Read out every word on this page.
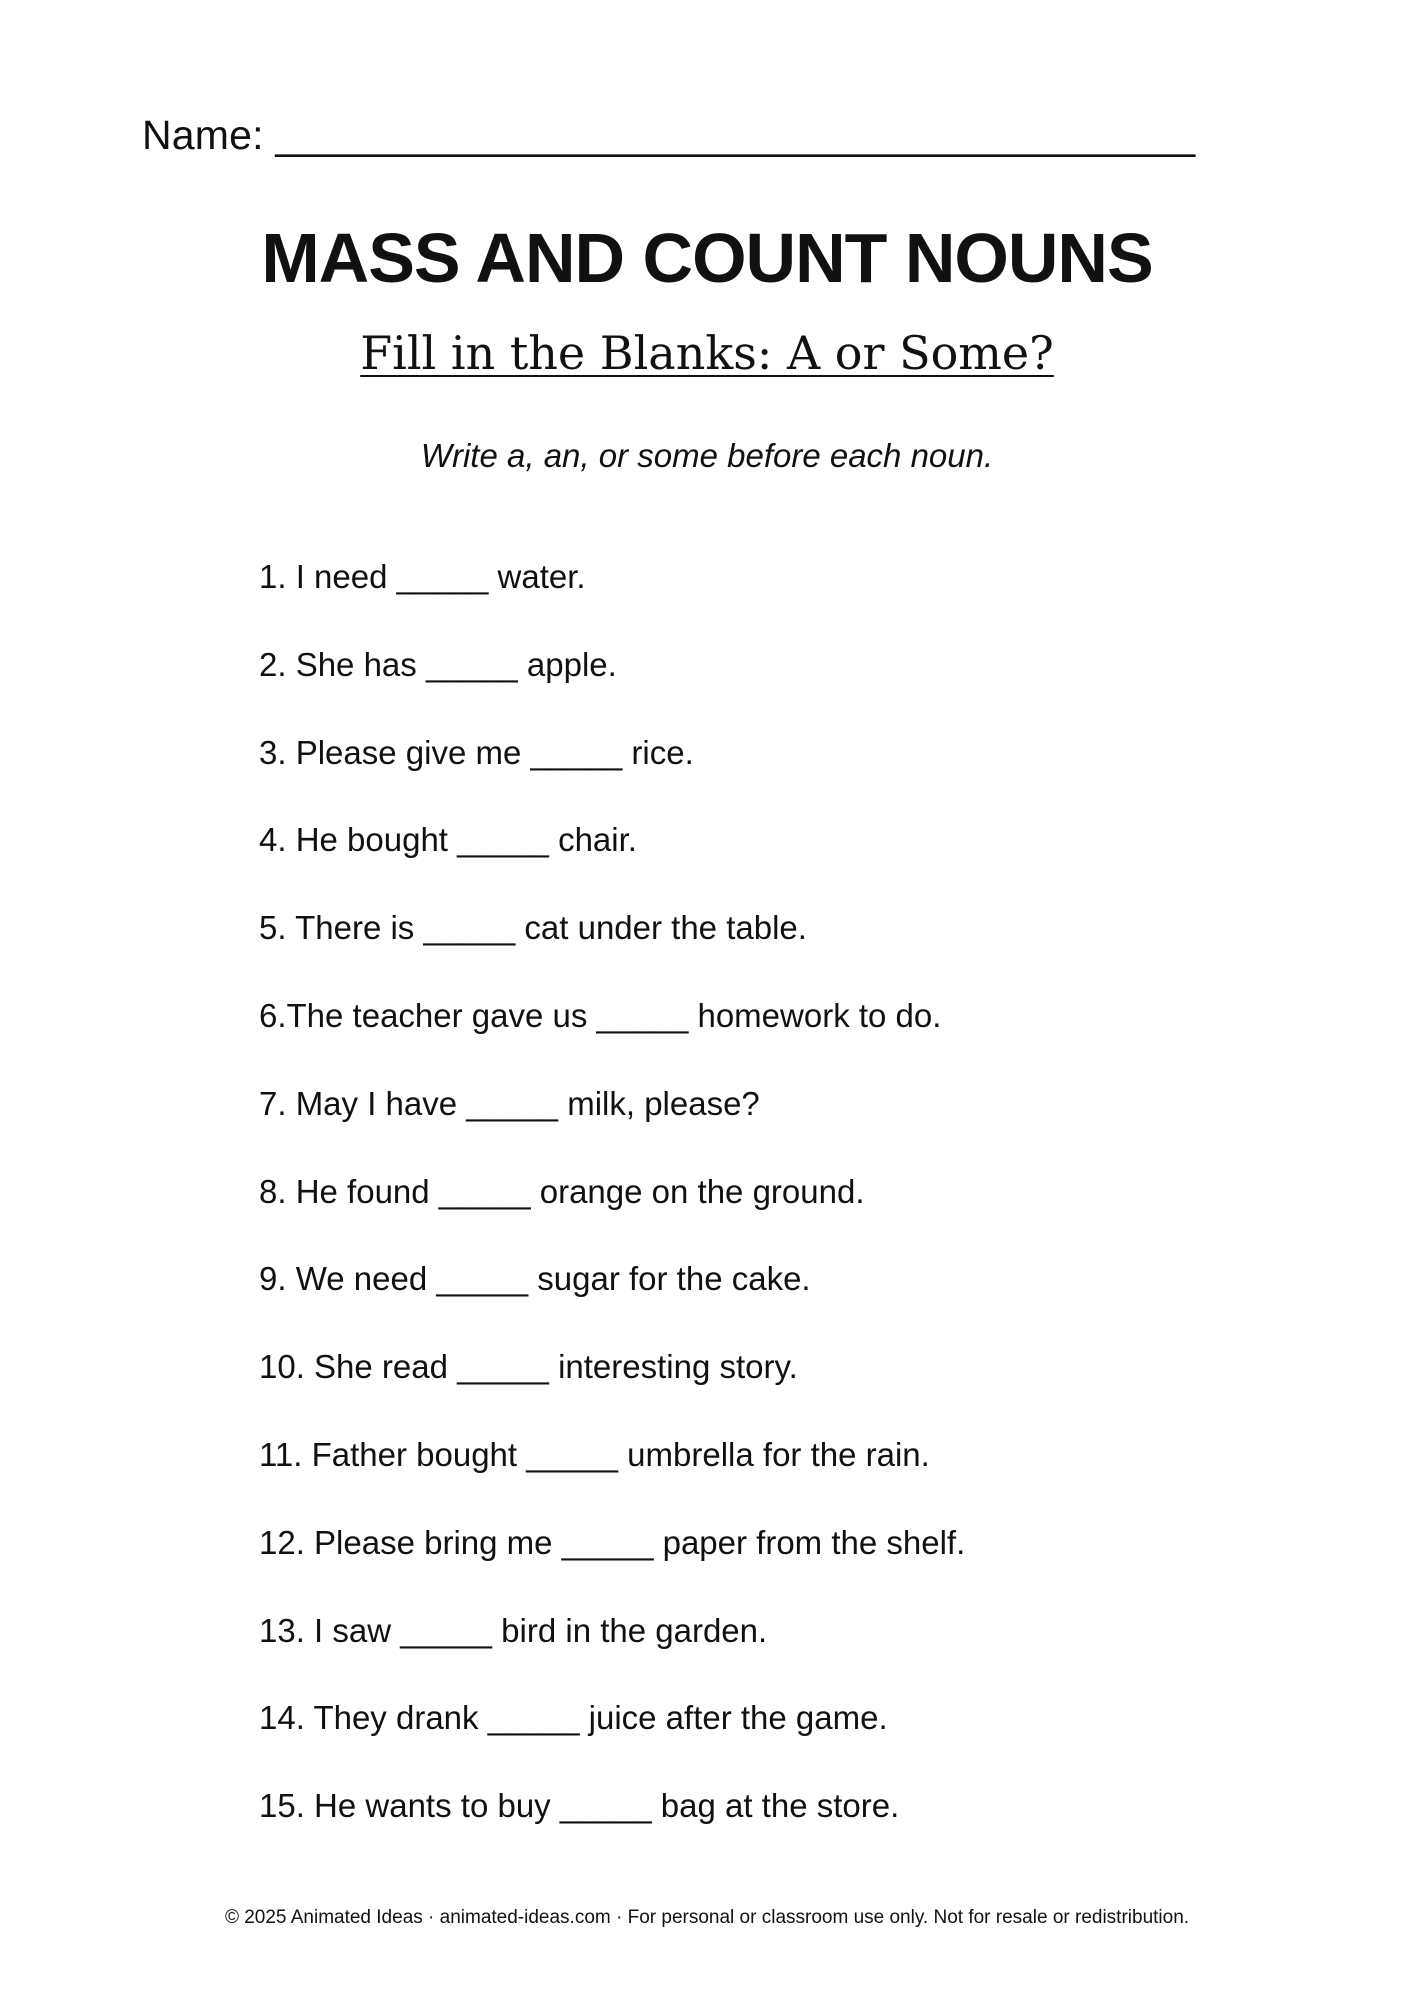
Name: ________________________________________
MASS AND COUNT NOUNS
Fill in the Blanks: A or Some?
Write a, an, or some before each noun.
1. I need _____ water.
2. She has _____ apple.
3. Please give me _____ rice.
4. He bought _____ chair.
5. There is _____ cat under the table.
6.The teacher gave us _____ homework to do.
7. May I have _____ milk, please?
8. He found _____ orange on the ground.
9. We need _____ sugar for the cake.
10. She read _____ interesting story.
11. Father bought _____ umbrella for the rain.
12. Please bring me _____ paper from the shelf.
13. I saw _____ bird in the garden.
14. They drank _____ juice after the game.
15. He wants to buy _____ bag at the store.
© 2025 Animated Ideas · animated-ideas.com · For personal or classroom use only. Not for resale or redistribution.
